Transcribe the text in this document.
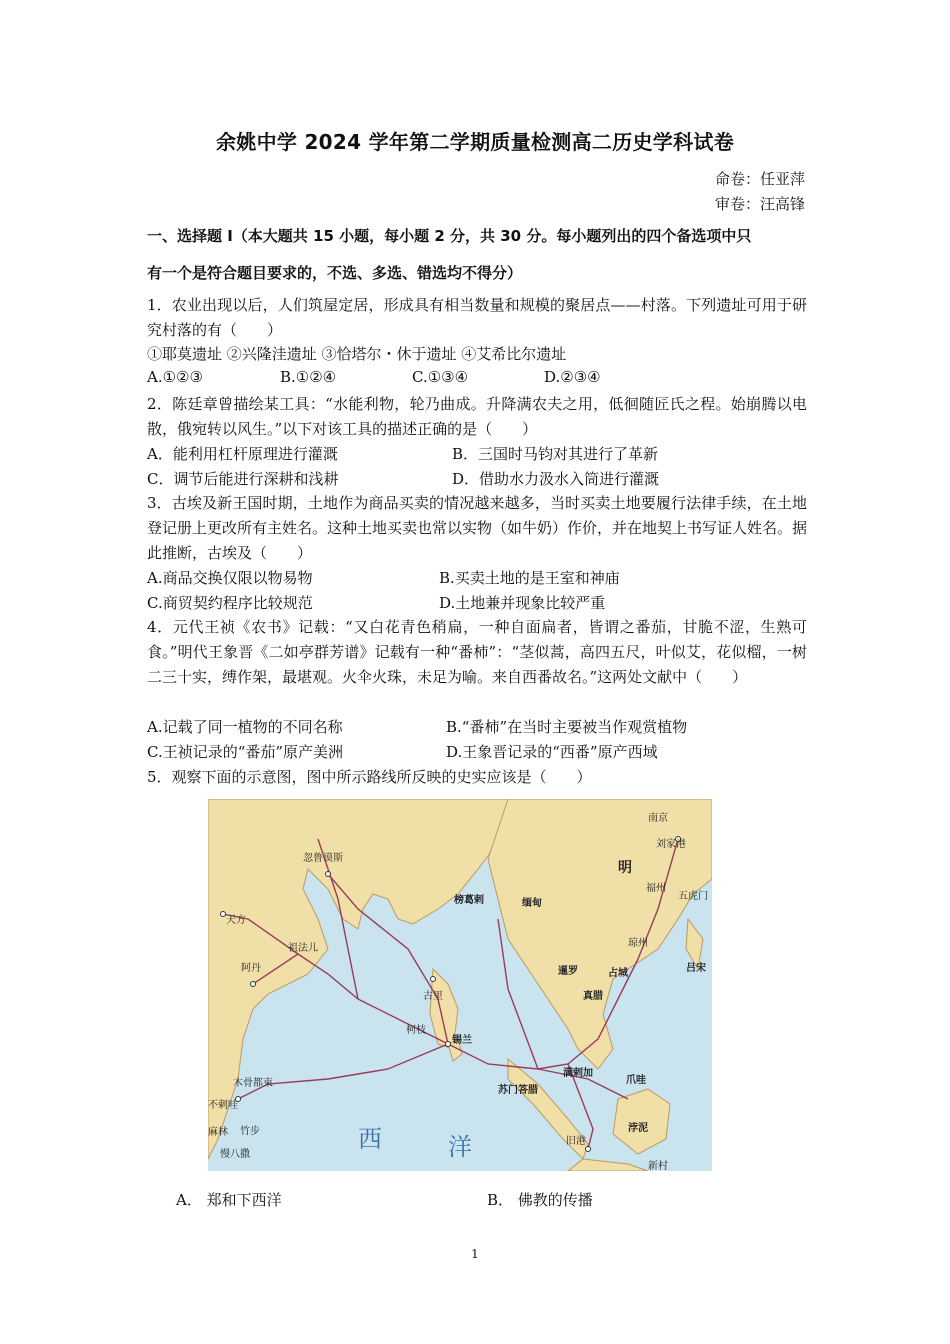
余姚中学 2024 学年第二学期质量检测高二历史学科试卷
命卷：任亚萍
审卷：汪高锋
一、选择题 I（本大题共 15 小题，每小题 2 分，共 30 分。每小题列出的四个备选项中只
有一个是符合题目要求的，不选、多选、错选均不得分）
1．农业出现以后，人们筑屋定居，形成具有相当数量和规模的聚居点——村落。下列遗址可用于研究村落的有（　　）
①耶莫遗址 ②兴隆洼遗址 ③恰塔尔・休于遗址 ④艾希比尔遗址
A.①②③	B.①②④	C.①③④	D.②③④
2．陈廷章曾描绘某工具：“水能利物，轮乃曲成。升降满农夫之用，低徊随匠氏之程。始崩腾以电散，俄宛转以风生。”以下对该工具的描述正确的是（　　）
A．能利用杠杆原理进行灌溉	B．三国时马钧对其进行了革新
C．调节后能进行深耕和浅耕	D．借助水力汲水入筒进行灌溉
3．古埃及新王国时期，土地作为商品买卖的情况越来越多，当时买卖土地要履行法律手续，在土地登记册上更改所有主姓名。这种土地买卖也常以实物（如牛奶）作价，并在地契上书写证人姓名。据此推断，古埃及（　　）
A.商品交换仅限以物易物	B.买卖土地的是王室和神庙
C.商贸契约程序比较规范	D.土地兼并现象比较严重
4．元代王祯《农书》记载：“又白花青色稍扁，一种自面扁者，皆谓之番茄，甘脆不涩，生熟可食。”明代王象晋《二如亭群芳谱》记载有一种“番柿”：“茎似蒿，高四五尺，叶似艾，花似榴，一树二三十实，缚作架，最堪观。火伞火珠，未足为喻。来自西番故名。”这两处文献中（　　）
A.记载了同一植物的不同名称	B.“番柿”在当时主要被当作观赏植物
C.王祯记录的“番茄”原产美洲	D.王象晋记录的“西番”原产西域
5．观察下面的示意图，图中所示路线所反映的史实应该是（　　）
南京
刘家港
明
福州
五虎门
忽鲁谟斯
天方
祖法儿
阿丹
古里
柯枝
锡兰
榜葛剌	缅甸
暹罗	占城
真腊
琼州
吕宋
木骨都束
不剌哇
麻林 竹步
慢八撒
苏门答腊
满剌加
旧港
爪哇
浡泥
新村
西	洋
A． 郑和下西洋	B． 佛教的传播
1
